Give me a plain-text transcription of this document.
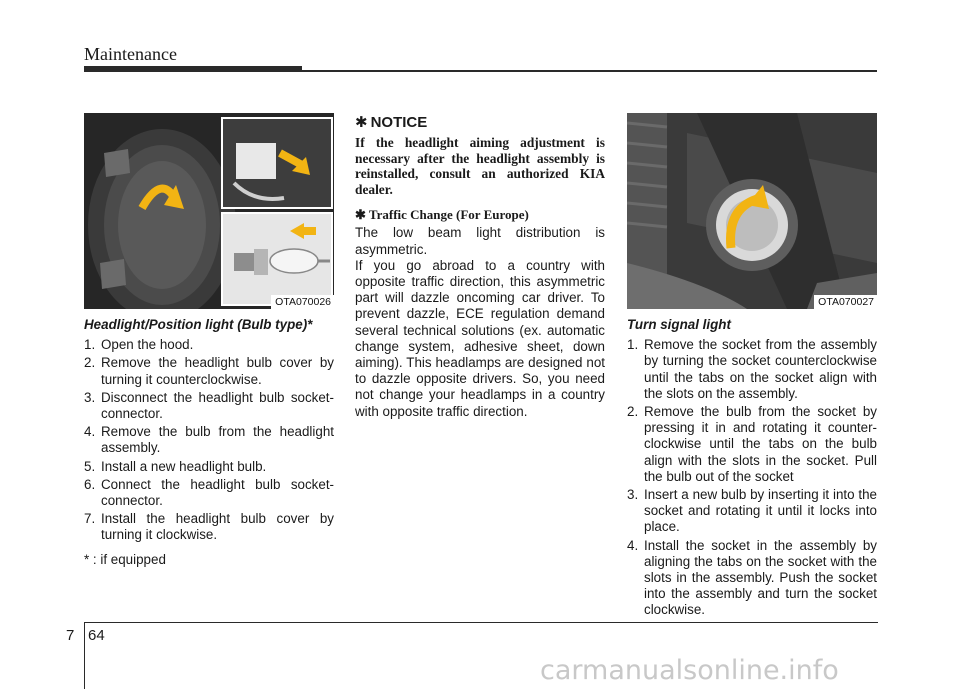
Maintenance
OTA070026
Headlight/Position light (Bulb type)*
1. Open the hood.
2. Remove the headlight bulb cover by turning it counterclockwise.
3. Disconnect the headlight bulb socket-connector.
4. Remove the bulb from the headlight assembly.
5. Install a new headlight bulb.
6. Connect the headlight bulb socket-connector.
7. Install the headlight bulb cover by turning it clockwise.
* : if equipped
✱ NOTICE
If the headlight aiming adjustment is necessary after the headlight assembly is reinstalled, consult an authorized KIA dealer.
✱ Traffic Change (For Europe)
The low beam light distribution is asymmetric.
If you go abroad to a country with opposite traffic direction, this asymmetric part will dazzle oncoming car driver. To prevent dazzle, ECE regulation demand several technical solutions (ex. automatic change system, adhesive sheet, down aiming). This headlamps are designed not to dazzle opposite drivers. So, you need not change your headlamps in a country with opposite traffic direction.
OTA070027
Turn signal light
1. Remove the socket from the assembly by turning the socket counterclockwise until the tabs on the socket align with the slots on the assembly.
2. Remove the bulb from the socket by pressing it in and rotating it counter-clockwise until the tabs on the bulb align with the slots in the socket. Pull the bulb out of the socket
3. Insert a new bulb by inserting it into the socket and rotating it until it locks into place.
4. Install the socket in the assembly by aligning the tabs on the socket with the slots in the assembly. Push the socket into the assembly and turn the socket clockwise.
7 64
carmanualsonline.info
